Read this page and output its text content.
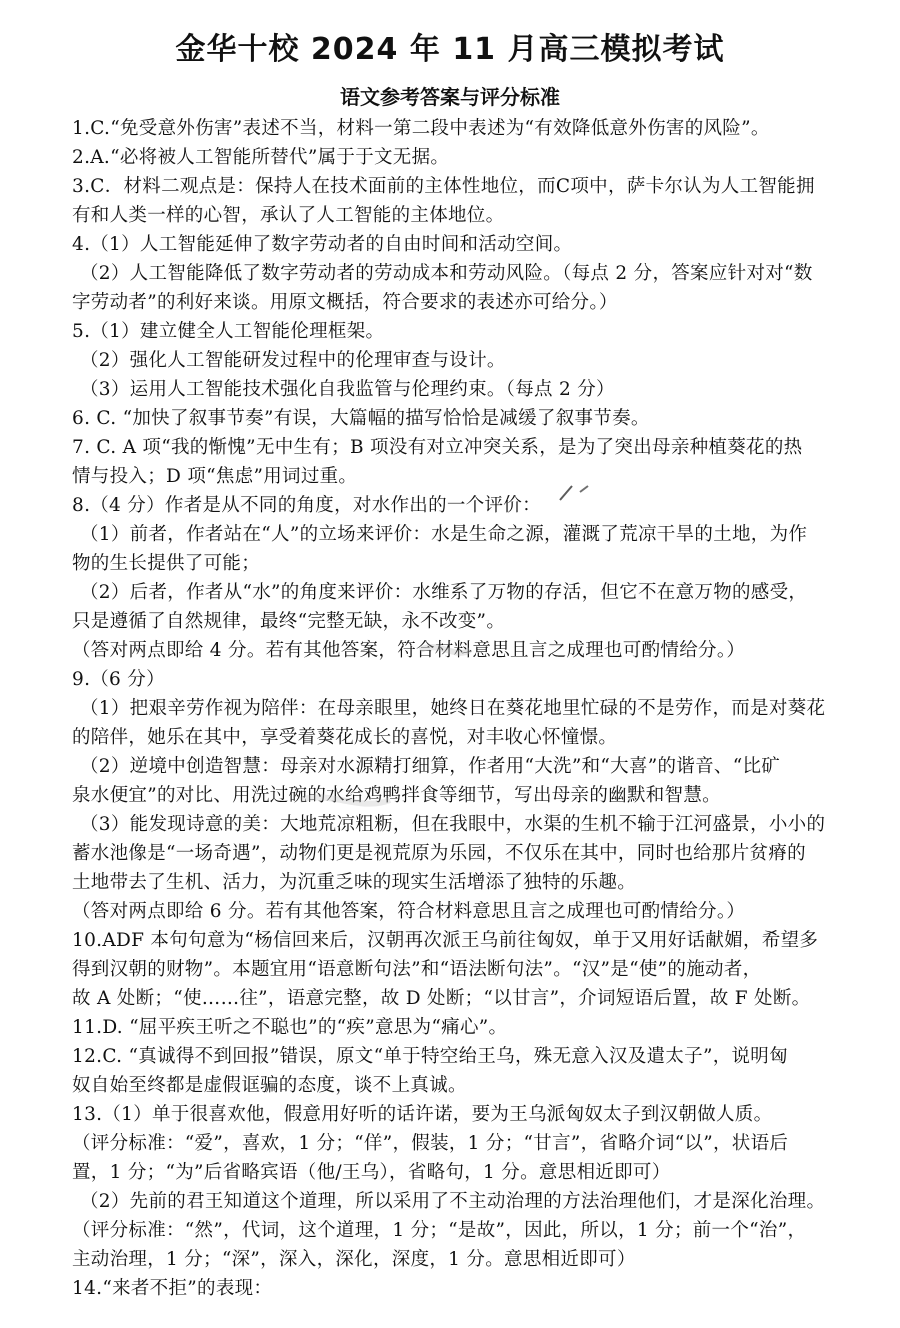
金华十校 2024 年 11 月高三模拟考试
语文参考答案与评分标准
1.C.“免受意外伤害”表述不当，材料一第二段中表述为“有效降低意外伤害的风险”。
2.A.“必将被人工智能所替代”属于于文无据。
3.C．材料二观点是：保持人在技术面前的主体性地位，而C项中，萨卡尔认为人工智能拥
有和人类一样的心智，承认了人工智能的主体地位。
4.（1）人工智能延伸了数字劳动者的自由时间和活动空间。
（2）人工智能降低了数字劳动者的劳动成本和劳动风险。（每点 2 分，答案应针对对“数
字劳动者”的利好来谈。用原文概括，符合要求的表述亦可给分。）
5.（1）建立健全人工智能伦理框架。
（2）强化人工智能研发过程中的伦理审查与设计。
（3）运用人工智能技术强化自我监管与伦理约束。（每点 2 分）
6. C. “加快了叙事节奏”有误，大篇幅的描写恰恰是减缓了叙事节奏。
7. C. A 项“我的惭愧”无中生有；B 项没有对立冲突关系，是为了突出母亲种植葵花的热
情与投入；D 项“焦虑”用词过重。
8.（4 分）作者是从不同的角度，对水作出的一个评价：
（1）前者，作者站在“人”的立场来评价：水是生命之源，灌溉了荒凉干旱的土地，为作
物的生长提供了可能；
（2）后者，作者从“水”的角度来评价：水维系了万物的存活，但它不在意万物的感受，
只是遵循了自然规律，最终“完整无缺，永不改变”。
（答对两点即给 4 分。若有其他答案，符合材料意思且言之成理也可酌情给分。）
9.（6 分）
（1）把艰辛劳作视为陪伴：在母亲眼里，她终日在葵花地里忙碌的不是劳作，而是对葵花
的陪伴，她乐在其中，享受着葵花成长的喜悦，对丰收心怀憧憬。
（2）逆境中创造智慧：母亲对水源精打细算，作者用“大洗”和“大喜”的谐音、“比矿
泉水便宜”的对比、用洗过碗的水给鸡鸭拌食等细节，写出母亲的幽默和智慧。
（3）能发现诗意的美：大地荒凉粗粝，但在我眼中，水渠的生机不输于江河盛景，小小的
蓄水池像是“一场奇遇”，动物们更是视荒原为乐园，不仅乐在其中，同时也给那片贫瘠的
土地带去了生机、活力，为沉重乏味的现实生活增添了独特的乐趣。
（答对两点即给 6 分。若有其他答案，符合材料意思且言之成理也可酌情给分。）
10.ADF 本句句意为“杨信回来后，汉朝再次派王乌前往匈奴，单于又用好话献媚，希望多
得到汉朝的财物”。本题宜用“语意断句法”和“语法断句法”。“汉”是“使”的施动者，
故 A 处断；“使……往”，语意完整，故 D 处断；“以甘言”，介词短语后置，故 F 处断。
11.D. “屈平疾王听之不聪也”的“疾”意思为“痛心”。
12.C. “真诚得不到回报”错误，原文“单于特空绐王乌，殊无意入汉及遣太子”，说明匈
奴自始至终都是虚假诓骗的态度，谈不上真诚。
13.（1）单于很喜欢他，假意用好听的话许诺，要为王乌派匈奴太子到汉朝做人质。
（评分标准：“爱”，喜欢，1 分；“佯”，假装，1 分；“甘言”，省略介词“以”，状语后
置，1 分；“为”后省略宾语（他/王乌），省略句，1 分。意思相近即可）
（2）先前的君王知道这个道理，所以采用了不主动治理的方法治理他们，才是深化治理。
（评分标准：“然”，代词，这个道理，1 分；“是故”，因此，所以，1 分；前一个“治”，
主动治理，1 分；“深”，深入，深化，深度，1 分。意思相近即可）
14.“来者不拒”的表现：
